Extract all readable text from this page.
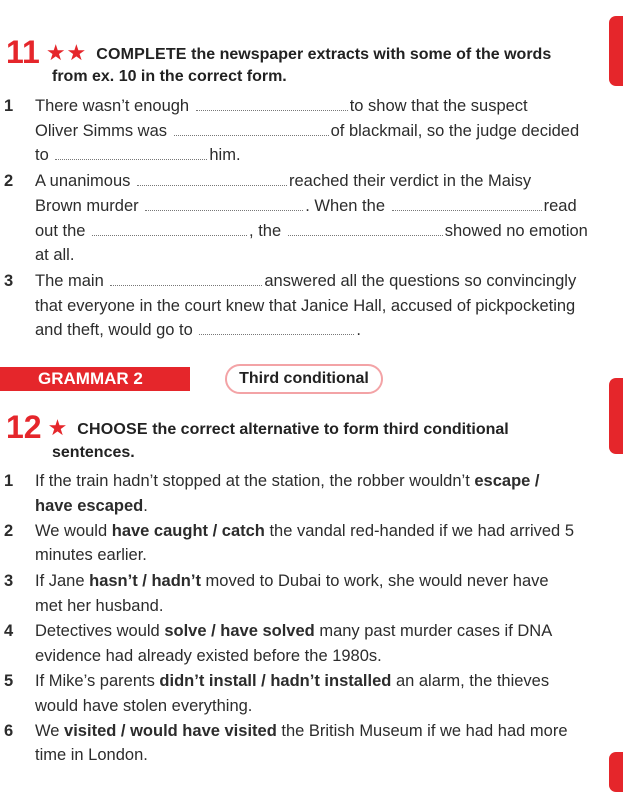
11 ★★ COMPLETE the newspaper extracts with some of the words
from ex. 10 in the correct form.
1 There wasn’t enough	to show that the suspect
Oliver Simms was	of blackmail, so the judge decided
to	him.
2 A unanimous	reached their verdict in the Maisy
Brown murder	. When the	read
out the	, the	showed no emotion
at all.
3 The main	answered all the questions so convincingly
that everyone in the court knew that Janice Hall, accused of pickpocketing
and theft, would go to	.
GRAMMAR 2	Third conditional
12 ★ CHOOSE the correct alternative to form third conditional
sentences.
1 If the train hadn’t stopped at the station, the robber wouldn’t escape /
have escaped.
2 We would have caught / catch the vandal red-handed if we had arrived 5
minutes earlier.
3 If Jane hasn’t / hadn’t moved to Dubai to work, she would never have
met her husband.
4 Detectives would solve / have solved many past murder cases if DNA
evidence had already existed before the 1980s.
5 If Mike’s parents didn’t install / hadn’t installed an alarm, the thieves
would have stolen everything.
6 We visited / would have visited the British Museum if we had had more
time in London.
